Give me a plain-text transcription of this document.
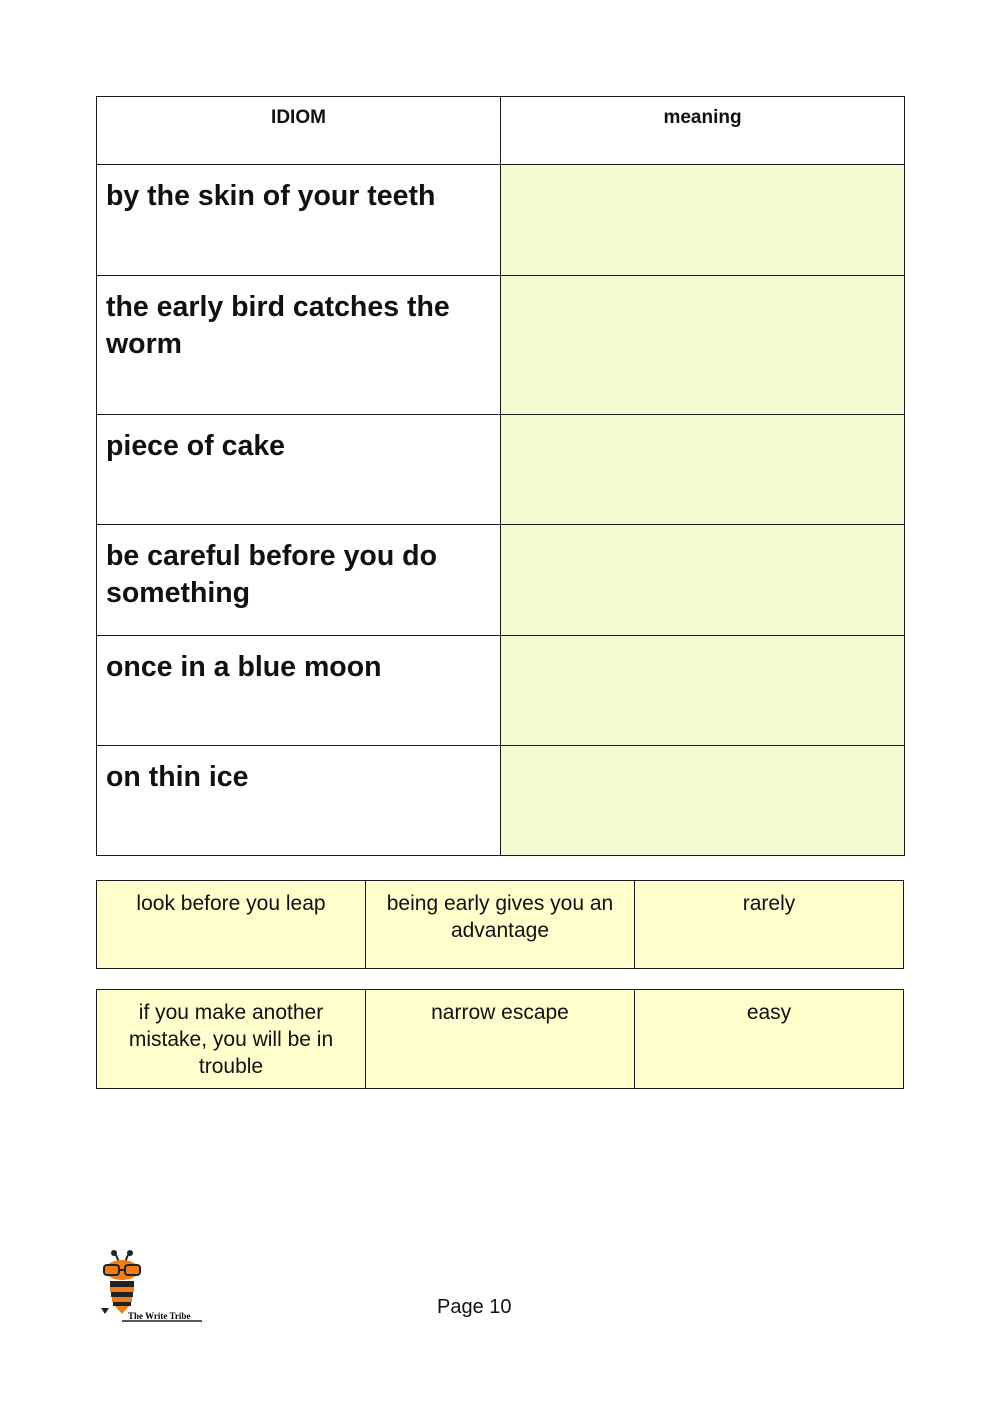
IDIOM	meaning
by the skin of your teeth	
the early bird catches the worm	
piece of cake	
be careful before you do something	
once in a blue moon	
on thin ice	
look before you leap	being early gives you an advantage	rarely
if you make another mistake, you will be in trouble	narrow escape	easy
The Write Tribe	Page 10
